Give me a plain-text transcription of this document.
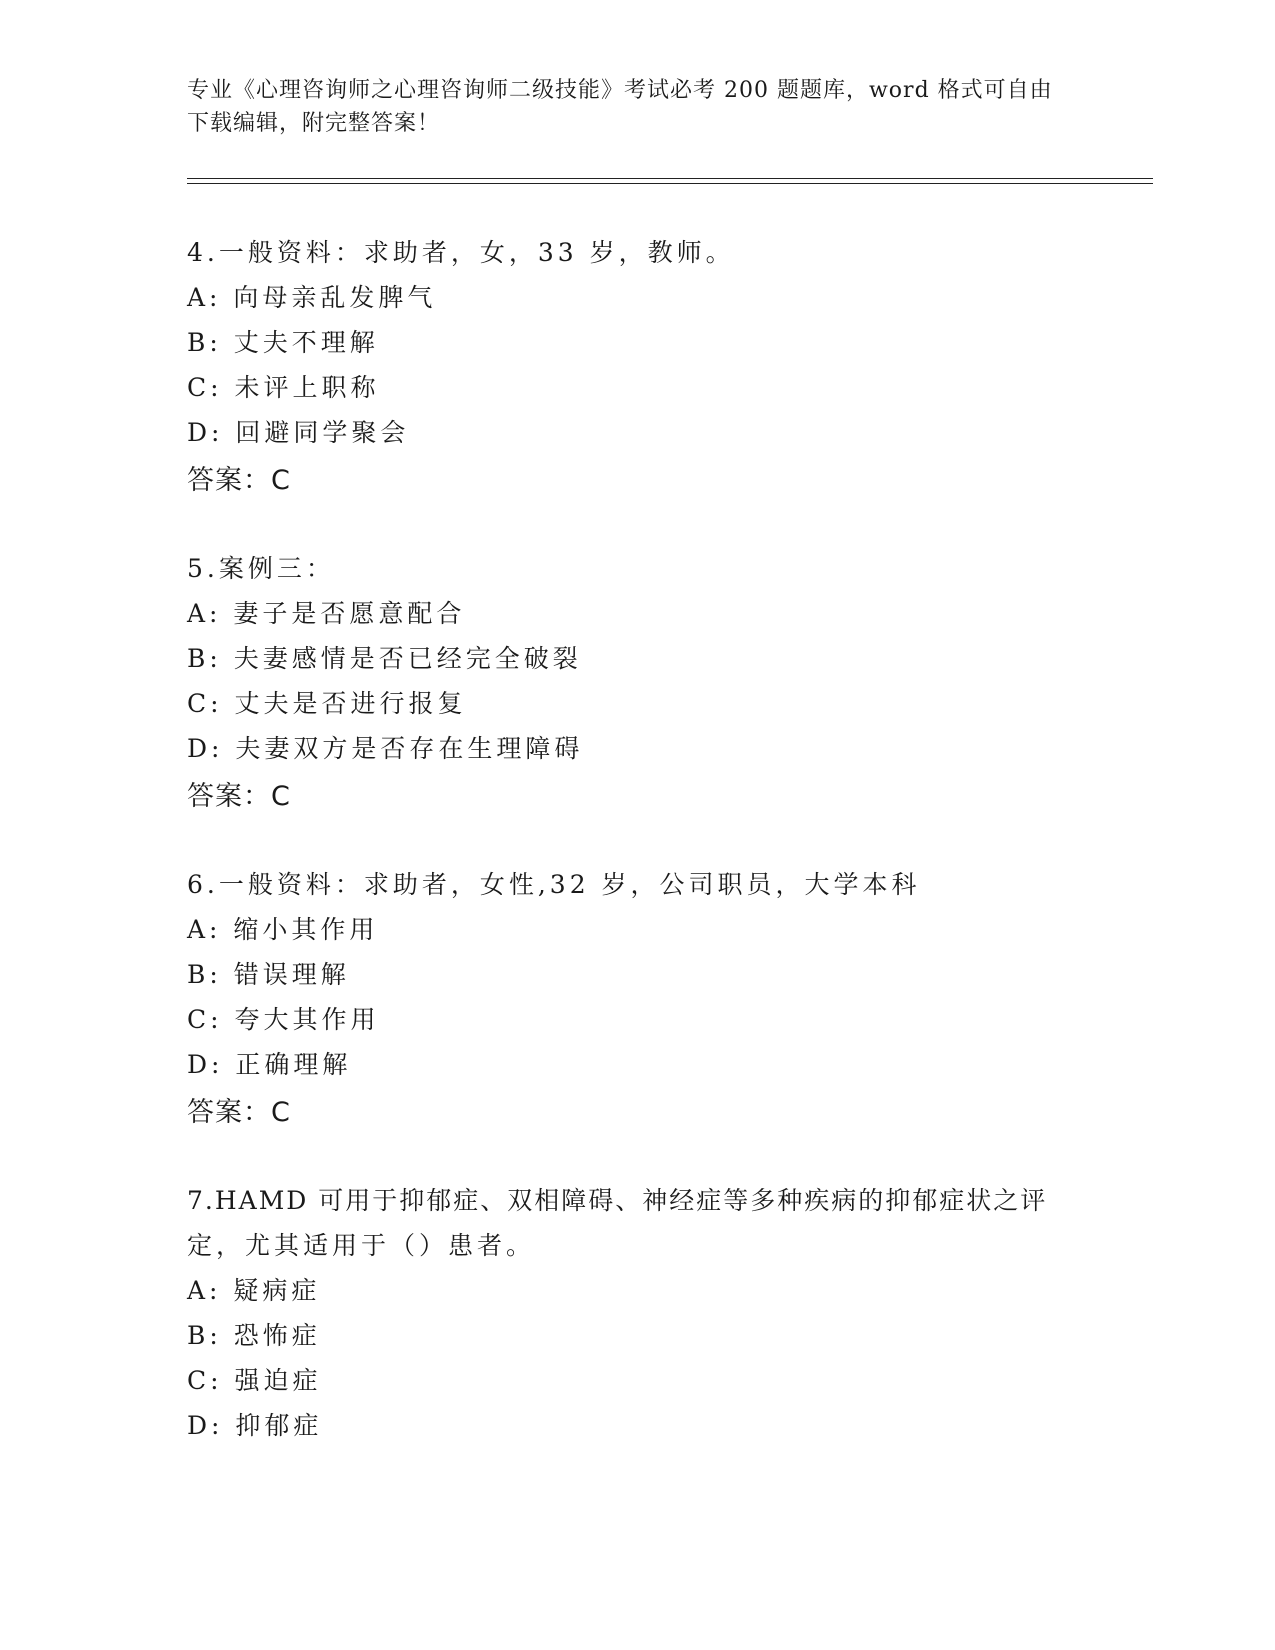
专业《心理咨询师之心理咨询师二级技能》考试必考 200 题题库，word 格式可自由下载编辑，附完整答案！
4.一般资料：求助者，女，33 岁，教师。
A: 向母亲乱发脾气
B: 丈夫不理解
C: 未评上职称
D: 回避同学聚会
答案：C
5.案例三：
A: 妻子是否愿意配合
B: 夫妻感情是否已经完全破裂
C: 丈夫是否进行报复
D: 夫妻双方是否存在生理障碍
答案：C
6.一般资料：求助者，女性,32 岁，公司职员，大学本科
A: 缩小其作用
B: 错误理解
C: 夸大其作用
D: 正确理解
答案：C
7.HAMD 可用于抑郁症、双相障碍、神经症等多种疾病的抑郁症状之评
定，尤其适用于（）患者。
A: 疑病症
B: 恐怖症
C: 强迫症
D: 抑郁症
